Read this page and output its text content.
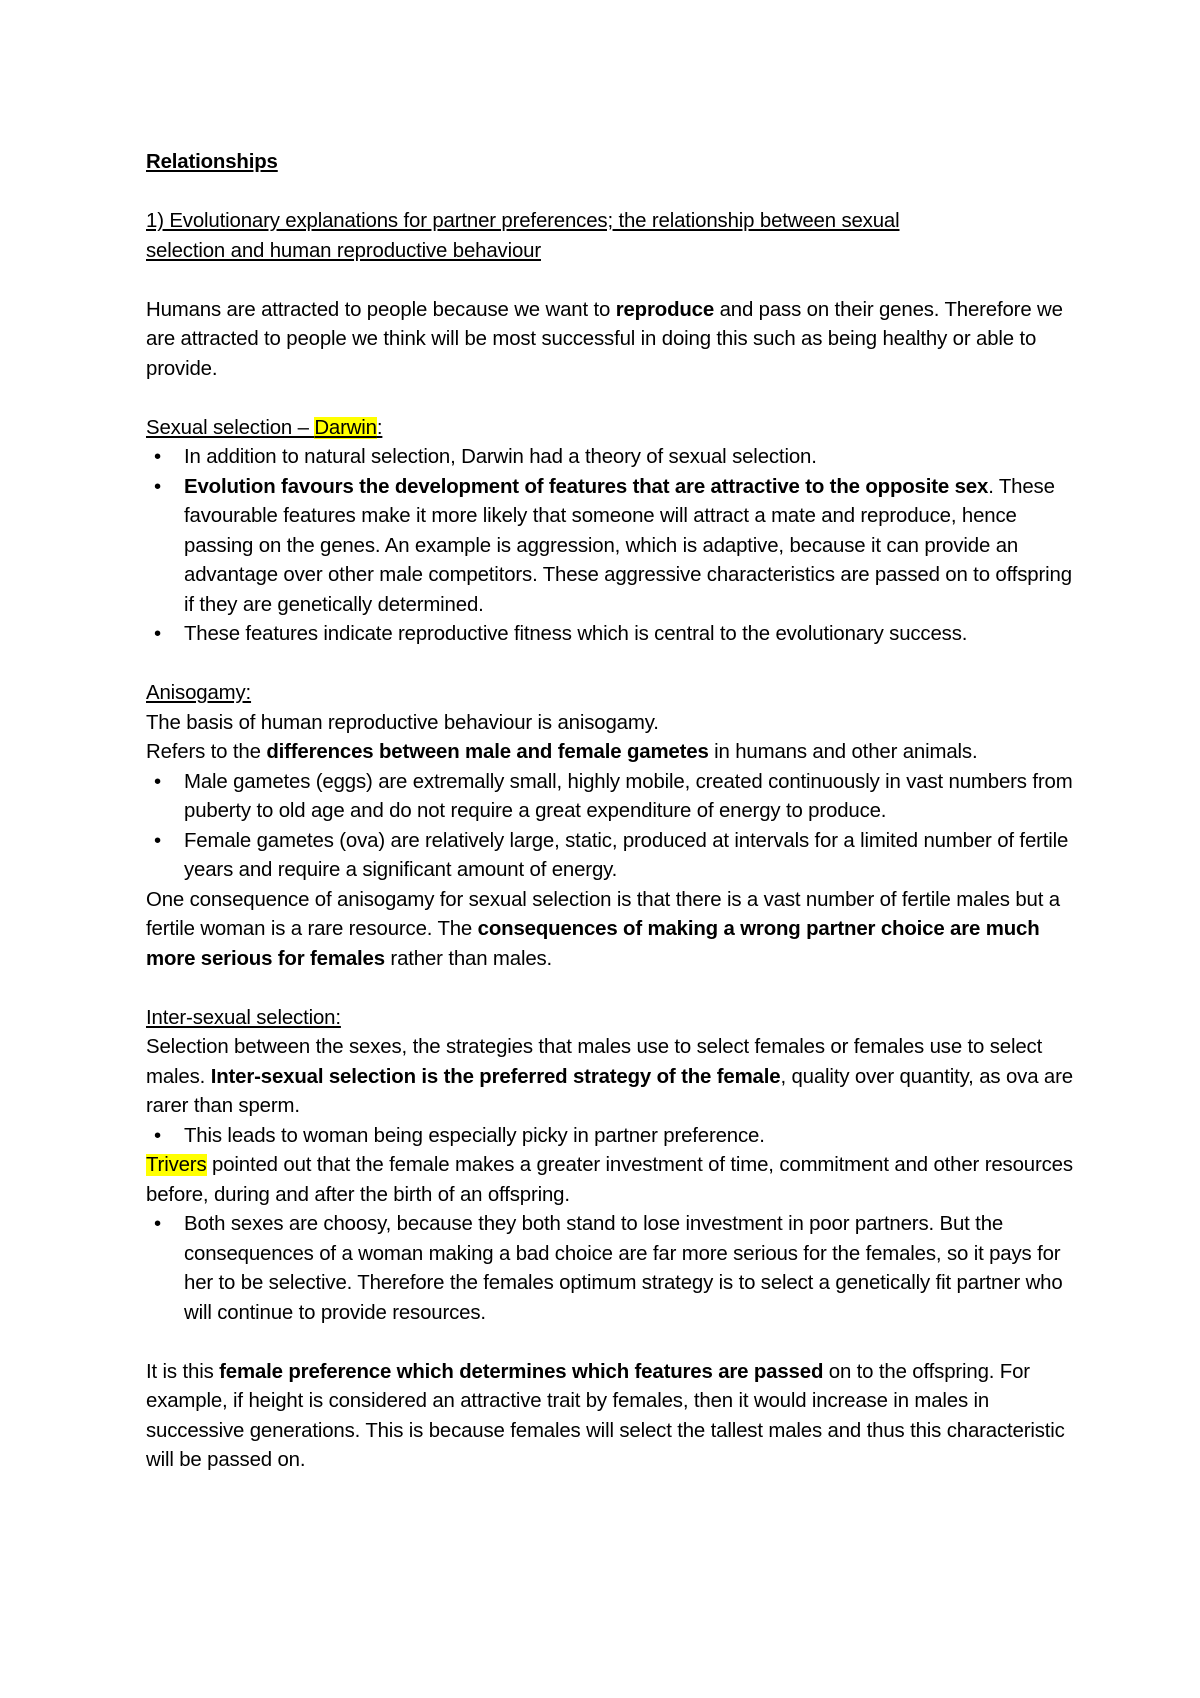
Relationships

1) Evolutionary explanations for partner preferences; the relationship between sexual
selection and human reproductive behaviour

Humans are attracted to people because we want to reproduce and pass on their genes. Therefore we are attracted to people we think will be most successful in doing this such as being healthy or able to provide.

Sexual selection – Darwin:

• In addition to natural selection, Darwin had a theory of sexual selection.
• Evolution favours the development of features that are attractive to the opposite sex. These favourable features make it more likely that someone will attract a mate and reproduce, hence passing on the genes. An example is aggression, which is adaptive, because it can provide an advantage over other male competitors. These aggressive characteristics are passed on to offspring if they are genetically determined.
• These features indicate reproductive fitness which is central to the evolutionary success.

Anisogamy:

The basis of human reproductive behaviour is anisogamy.

Refers to the differences between male and female gametes in humans and other animals.

• Male gametes (eggs) are extremally small, highly mobile, created continuously in vast numbers from puberty to old age and do not require a great expenditure of energy to produce.
• Female gametes (ova) are relatively large, static, produced at intervals for a limited number of fertile years and require a significant amount of energy.

One consequence of anisogamy for sexual selection is that there is a vast number of fertile males but a fertile woman is a rare resource. The consequences of making a wrong partner choice are much more serious for females rather than males.

Inter-sexual selection:

Selection between the sexes, the strategies that males use to select females or females use to select males. Inter-sexual selection is the preferred strategy of the female, quality over quantity, as ova are rarer than sperm.

• This leads to woman being especially picky in partner preference.

Trivers pointed out that the female makes a greater investment of time, commitment and other resources before, during and after the birth of an offspring.

• Both sexes are choosy, because they both stand to lose investment in poor partners. But the consequences of a woman making a bad choice are far more serious for the females, so it pays for her to be selective. Therefore the females optimum strategy is to select a genetically fit partner who will continue to provide resources.

It is this female preference which determines which features are passed on to the offspring. For example, if height is considered an attractive trait by females, then it would increase in males in successive generations. This is because females will select the tallest males and thus this characteristic will be passed on.
